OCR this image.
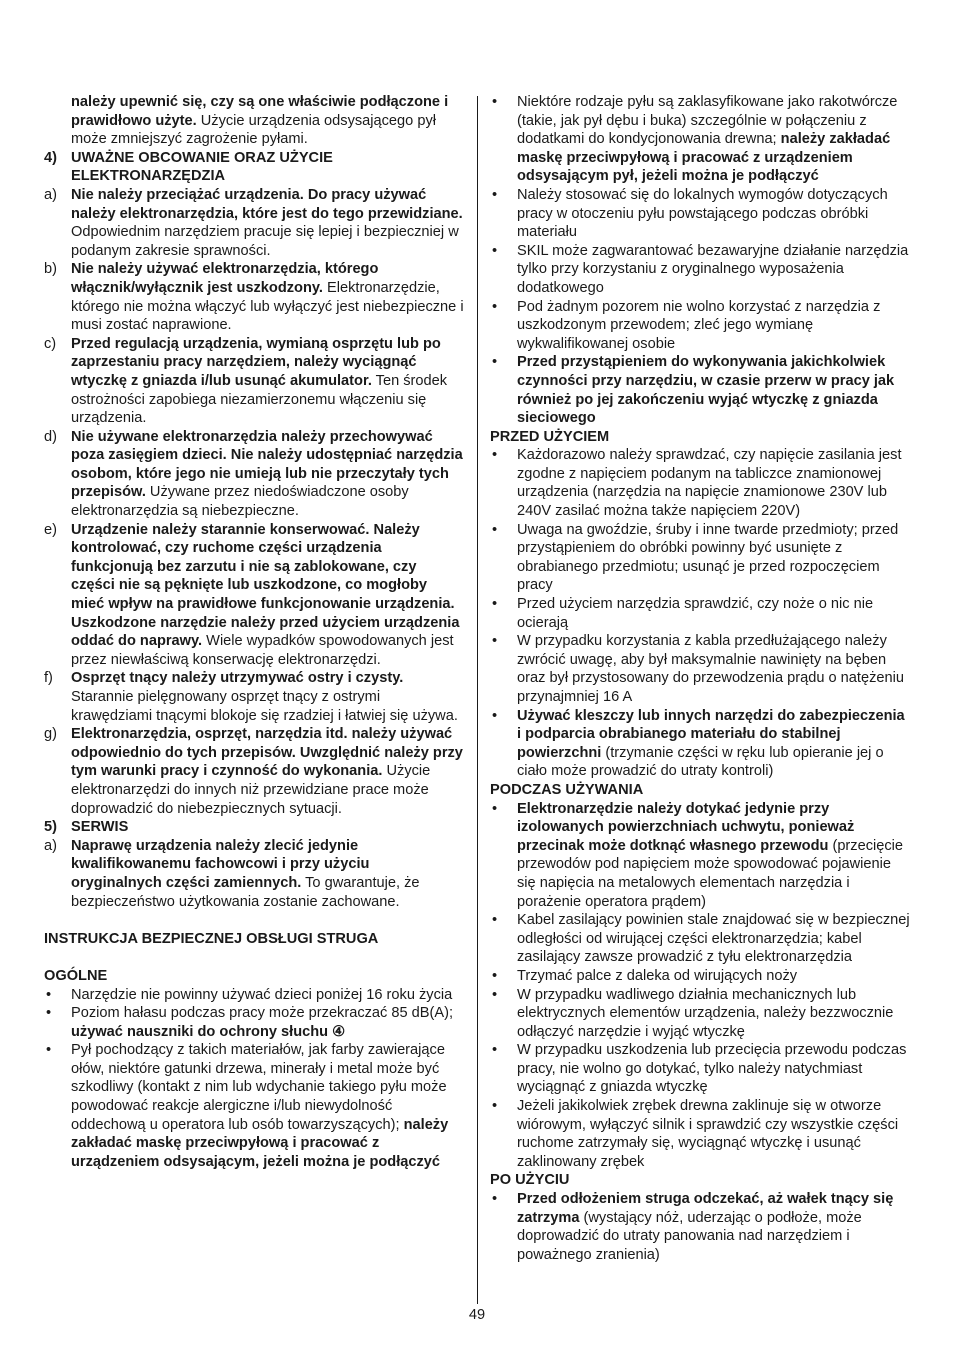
należy upewnić się, czy są one właściwie podłączone i prawidłowo użyte. Użycie urządzenia odsysającego pył może zmniejszyć zagrożenie pyłami.
4) UWAŻNE OBCOWANIE ORAZ UŻYCIE ELEKTRONARZĘDZIA
a) Nie należy przeciążać urządzenia. Do pracy używać należy elektronarzędzia, które jest do tego przewidziane. Odpowiednim narzędziem pracuje się lepiej i bezpieczniej w podanym zakresie sprawności.
b) Nie należy używać elektronarzędzia, którego włącznik/wyłącznik jest uszkodzony. Elektronarzędzie, którego nie można włączyć lub wyłączyć jest niebezpieczne i musi zostać naprawione.
c) Przed regulacją urządzenia, wymianą osprzętu lub po zaprzestaniu pracy narzędziem, należy wyciągnąć wtyczkę z gniazda i/lub usunąć akumulator. Ten środek ostrożności zapobiega niezamierzonemu włączeniu się urządzenia.
d) Nie używane elektronarzędzia należy przechowywać poza zasięgiem dzieci. Nie należy udostępniać narzędzia osobom, które jego nie umieją lub nie przeczytały tych przepisów. Używane przez niedoświadczone osoby elektronarzędzia są niebezpieczne.
e) Urządzenie należy starannie konserwować. Należy kontrolować, czy ruchome części urządzenia funkcjonują bez zarzutu i nie są zablokowane, czy części nie są pęknięte lub uszkodzone, co mogłoby mieć wpływ na prawidłowe funkcjonowanie urządzenia. Uszkodzone narzędzie należy przed użyciem urządzenia oddać do naprawy. Wiele wypadków spowodowanych jest przez niewłaściwą konserwację elektronarzędzi.
f) Osprzęt tnący należy utrzymywać ostry i czysty. Starannie pielęgnowany osprzęt tnący z ostrymi krawędziami tnącymi blokoje się rzadziej i łatwiej się używa.
g) Elektronarzędzia, osprzęt, narzędzia itd. należy używać odpowiednio do tych przepisów. Uwzględnić należy przy tym warunki pracy i czynność do wykonania. Użycie elektronarzędzi do innych niż przewidziane prace może doprowadzić do niebezpiecznych sytuacji.
5) SERWIS
a) Naprawę urządzenia należy zlecić jedynie kwalifikowanemu fachowcowi i przy użyciu oryginalnych części zamiennych. To gwarantuje, że bezpieczeństwo użytkowania zostanie zachowane.
INSTRUKCJA BEZPIECZNEJ OBSŁUGI STRUGA
OGÓLNE
• Narzędzie nie powinny używać dzieci poniżej 16 roku życia
• Poziom hałasu podczas pracy może przekraczać 85 dB(A); używać nauszniki do ochrony słuchu ④
• Pył pochodzący z takich materiałów, jak farby zawierające ołów, niektóre gatunki drzewa, minerały i metal może być szkodliwy (kontakt z nim lub wdychanie takiego pyłu może powodować reakcje alergiczne i/lub niewydolność oddechową u operatora lub osób towarzyszących); należy zakładać maskę przeciwpyłową i pracować z urządzeniem odsysającym, jeżeli można je podłączyć
• Niektóre rodzaje pyłu są zaklasyfikowane jako rakotwórcze (takie, jak pył dębu i buka) szczególnie w połączeniu z dodatkami do kondycjonowania drewna; należy zakładać maskę przeciwpyłową i pracować z urządzeniem odsysającym pył, jeżeli można je podłączyć
• Należy stosować się do lokalnych wymogów dotyczących pracy w otoczeniu pyłu powstającego podczas obróbki materiału
• SKIL może zagwarantować bezawaryjne działanie narzędzia tylko przy korzystaniu z oryginalnego wyposażenia dodatkowego
• Pod żadnym pozorem nie wolno korzystać z narzędzia z uszkodzonym przewodem; zleć jego wymianę wykwalifikowanej osobie
• Przed przystąpieniem do wykonywania jakichkolwiek czynności przy narzędziu, w czasie przerw w pracy jak również po jej zakończeniu wyjąć wtyczkę z gniazda sieciowego
PRZED UŻYCIEM
• Każdorazowo należy sprawdzać, czy napięcie zasilania jest zgodne z napięciem podanym na tabliczce znamionowej urządzenia (narzędzia na napięcie znamionowe 230V lub 240V zasilać można także napięciem 220V)
• Uwaga na gwoździe, śruby i inne twarde przedmioty; przed przystąpieniem do obróbki powinny być usunięte z obrabianego przedmiotu; usunąć je przed rozpoczęciem pracy
• Przed użyciem narzędzia sprawdzić, czy noże o nic nie ocierają
• W przypadku korzystania z kabla przedłużającego należy zwrócić uwagę, aby był maksymalnie nawinięty na bęben oraz był przystosowany do przewodzenia prądu o natężeniu przynajmniej 16 A
• Używać kleszczy lub innych narzędzi do zabezpieczenia i podparcia obrabianego materiału do stabilnej powierzchni (trzymanie części w ręku lub opieranie jej o ciało może prowadzić do utraty kontroli)
PODCZAS UŻYWANIA
• Elektronarzędzie należy dotykać jedynie przy izolowanych powierzchniach uchwytu, ponieważ przecinak może dotknąć własnego przewodu (przecięcie przewodów pod napięciem może spowodować pojawienie się napięcia na metalowych elementach narzędzia i porażenie operatora prądem)
• Kabel zasilający powinien stale znajdować się w bezpiecznej odległości od wirującej części elektronarzędzia; kabel zasilający zawsze prowadzić z tyłu elektronarzędzia
• Trzymać palce z daleka od wirujących noży
• W przypadku wadliwego działnia mechanicznych lub elektrycznych elementów urządzenia, należy bezzwocznie odłączyć narzędzie i wyjąć wtyczkę
• W przypadku uszkodzenia lub przecięcia przewodu podczas pracy, nie wolno go dotykać, tylko należy natychmiast wyciągnąć z gniazda wtyczkę
• Jeżeli jakikolwiek zrębek drewna zaklinuje się w otworze wiórowym, wyłączyć silnik i sprawdzić czy wszystkie części ruchome zatrzymały się, wyciągnąć wtyczkę i usunąć zaklinowany zrębek
PO UŻYCIU
• Przed odłożeniem struga odczekać, aż wałek tnący się zatrzyma (wystający nóż, uderzając o podłoże, może doprowadzić do utraty panowania nad narzędziem i poważnego zranienia)
49
